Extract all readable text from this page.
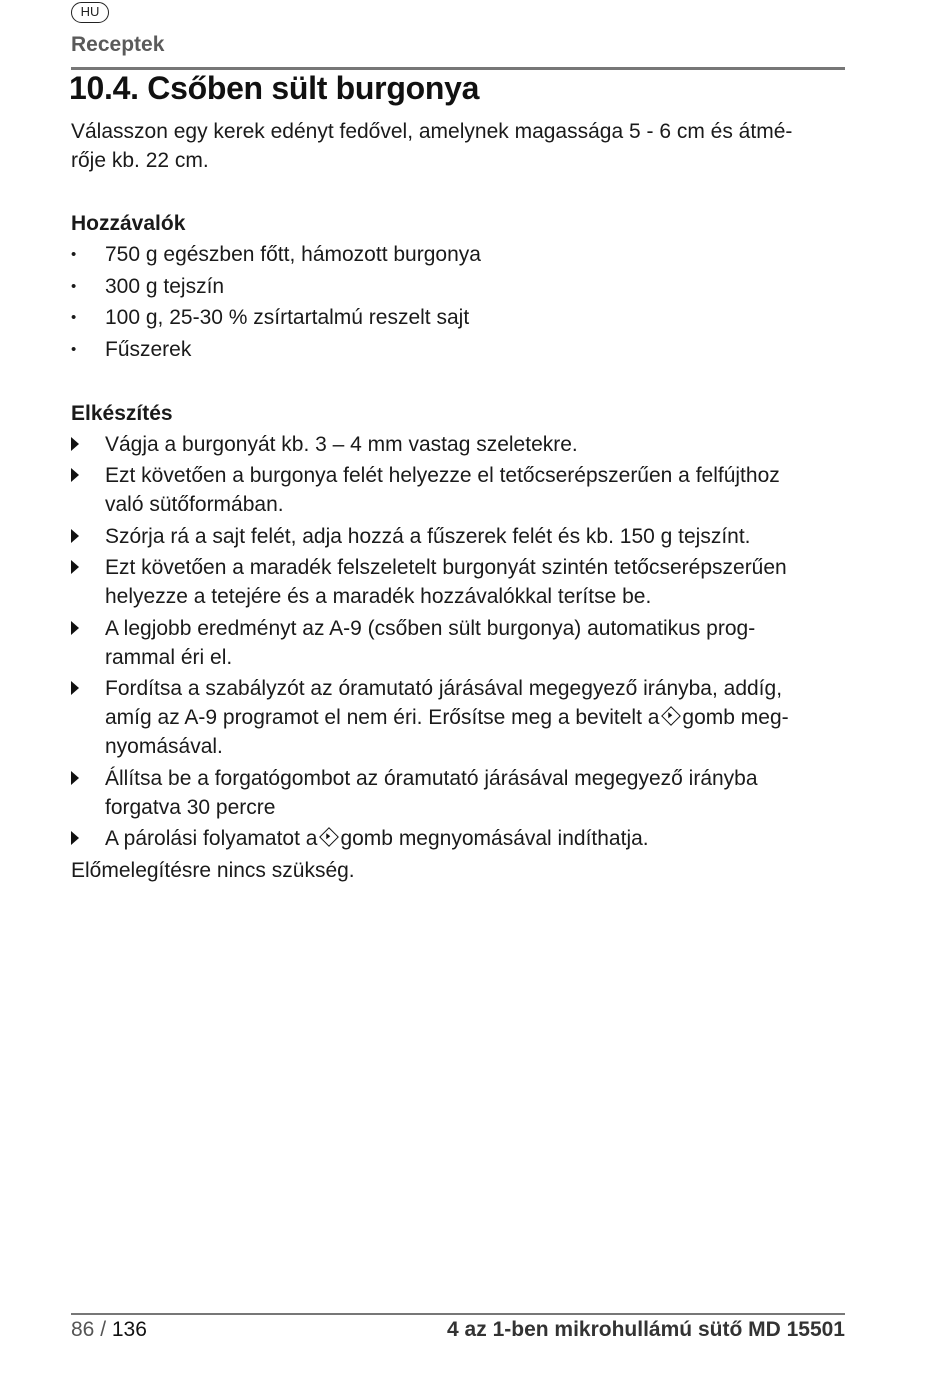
HU
Receptek
10.4. Csőben sült burgonya

Válasszon egy kerek edényt fedővel, amelynek magassága 5 - 6 cm és átmé-
rője kb. 22 cm.

Hozzávalók

• 750 g egészben főtt, hámozott burgonya
• 300 g tejszín
• 100 g, 25-30 % zsírtartalmú reszelt sajt
• Fűszerek

Elkészítés

Vágja a burgonyát kb. 3 – 4 mm vastag szeletekre.
Ezt követően a burgonya felét helyezze el tetőcserépszerűen a felfújthoz
való sütőformában.
Szórja rá a sajt felét, adja hozzá a fűszerek felét és kb. 150 g tejszínt.
Ezt követően a maradék felszeletelt burgonyát szintén tetőcserépszerűen
helyezze a tetejére és a maradék hozzávalókkal terítse be.
A legjobb eredményt az A-9 (csőben sült burgonya) automatikus prog-
rammal éri el.
Fordítsa a szabályzót az óramutató járásával megegyező irányba, addíg,
amíg az A-9 programot el nem éri. Erősítse meg a bevitelt a gomb meg-
nyomásával.
Állítsa be a forgatógombot az óramutató járásával megegyező irányba
forgatva 30 percre
A párolási folyamatot a gomb megnyomásával indíthatja.

Előmelegítésre nincs szükség.

86 / 136	4 az 1-ben mikrohullámú sütő MD 15501
